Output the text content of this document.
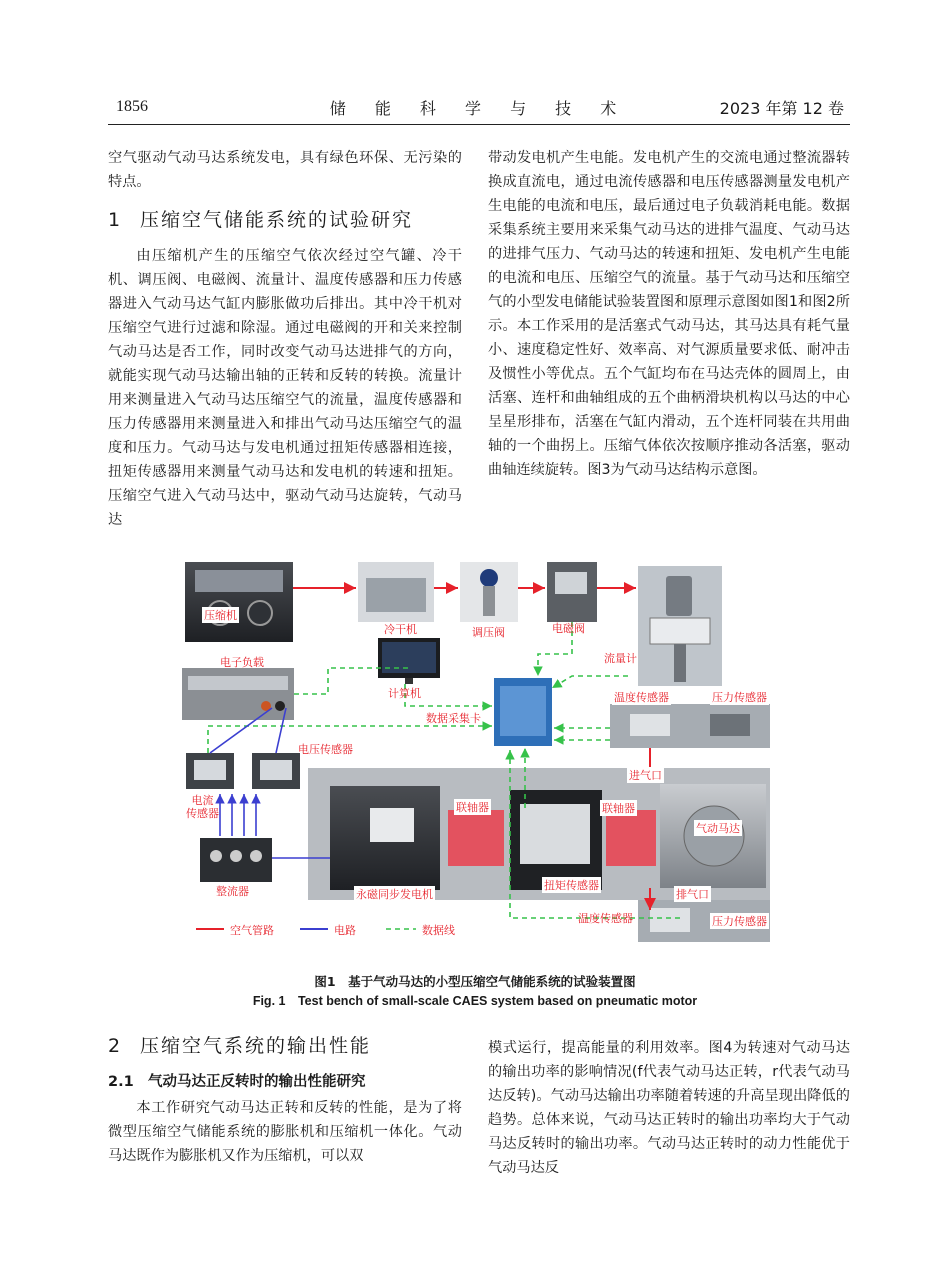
1856	储 能 科 学 与 技 术	2023 年第 12 卷

空气驱动气动马达系统发电，具有绿色环保、无污染的特点。

1 压缩空气储能系统的试验研究

由压缩机产生的压缩空气依次经过空气罐、冷干机、调压阀、电磁阀、流量计、温度传感器和压力传感器进入气动马达气缸内膨胀做功后排出。其中冷干机对压缩空气进行过滤和除湿。通过电磁阀的开和关来控制气动马达是否工作，同时改变气动马达进排气的方向，就能实现气动马达输出轴的正转和反转的转换。流量计用来测量进入气动马达压缩空气的流量，温度传感器和压力传感器用来测量进入和排出气动马达压缩空气的温度和压力。气动马达与发电机通过扭矩传感器相连接，扭矩传感器用来测量气动马达和发电机的转速和扭矩。压缩空气进入气动马达中，驱动气动马达旋转，气动马达

带动发电机产生电能。发电机产生的交流电通过整流器转换成直流电，通过电流传感器和电压传感器测量发电机产生电能的电流和电压，最后通过电子负载消耗电能。数据采集系统主要用来采集气动马达的进排气温度、气动马达的进排气压力、气动马达的转速和扭矩、发电机产生电能的电流和电压、压缩空气的流量。基于气动马达和压缩空气的小型发电储能试验装置图和原理示意图如图1和图2所示。本工作采用的是活塞式气动马达，其马达具有耗气量小、速度稳定性好、效率高、对气源质量要求低、耐冲击及惯性小等优点。五个气缸均布在马达壳体的圆周上，由活塞、连杆和曲轴组成的五个曲柄滑块机构以马达的中心呈星形排布，活塞在气缸内滑动，五个连杆同装在共用曲轴的一个曲拐上。压缩气体依次按顺序推动各活塞，驱动曲轴连续旋转。图3为气动马达结构示意图。

压缩机
冷干机	调压阀	电磁阀
流量计
电子负载
计算机
数据采集卡
温度传感器	压力传感器
电压传感器
电流
传感器
进气口
联轴器	联轴器
气动马达
扭矩传感器
整流器	永磁同步发电机	排气口
温度传感器	压力传感器
空气管路	电路	数据线
图1　基于气动马达的小型压缩空气储能系统的试验装置图
Fig. 1　Test bench of small-scale CAES system based on pneumatic motor
2 压缩空气系统的输出性能
2.1 气动马达正反转时的输出性能研究

本工作研究气动马达正转和反转的性能，是为了将微型压缩空气储能系统的膨胀机和压缩机一体化。气动马达既作为膨胀机又作为压缩机，可以双

模式运行，提高能量的利用效率。图4为转速对气动马达的输出功率的影响情况(f代表气动马达正转，r代表气动马达反转)。气动马达输出功率随着转速的升高呈现出降低的趋势。总体来说，气动马达正转时的输出功率均大于气动马达反转时的输出功率。气动马达正转时的动力性能优于气动马达反
